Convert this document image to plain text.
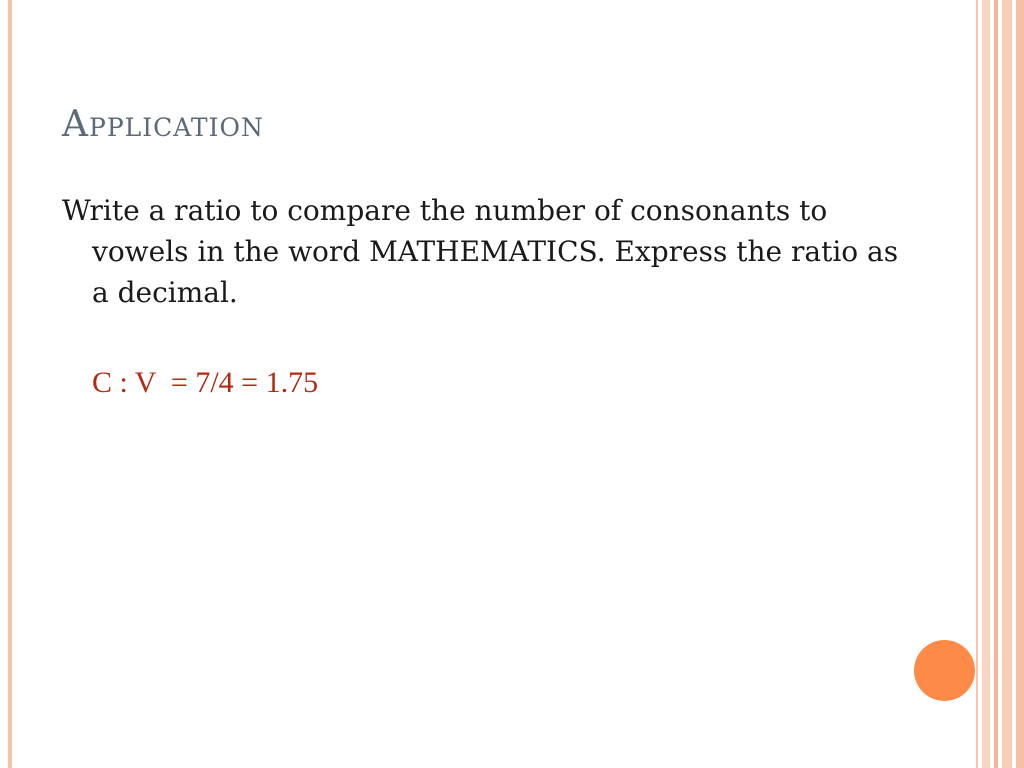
Application

Write a ratio to compare the number of consonants to vowels in the word MATHEMATICS. Express the ratio as a decimal.

C : V  = 7/4 = 1.75
